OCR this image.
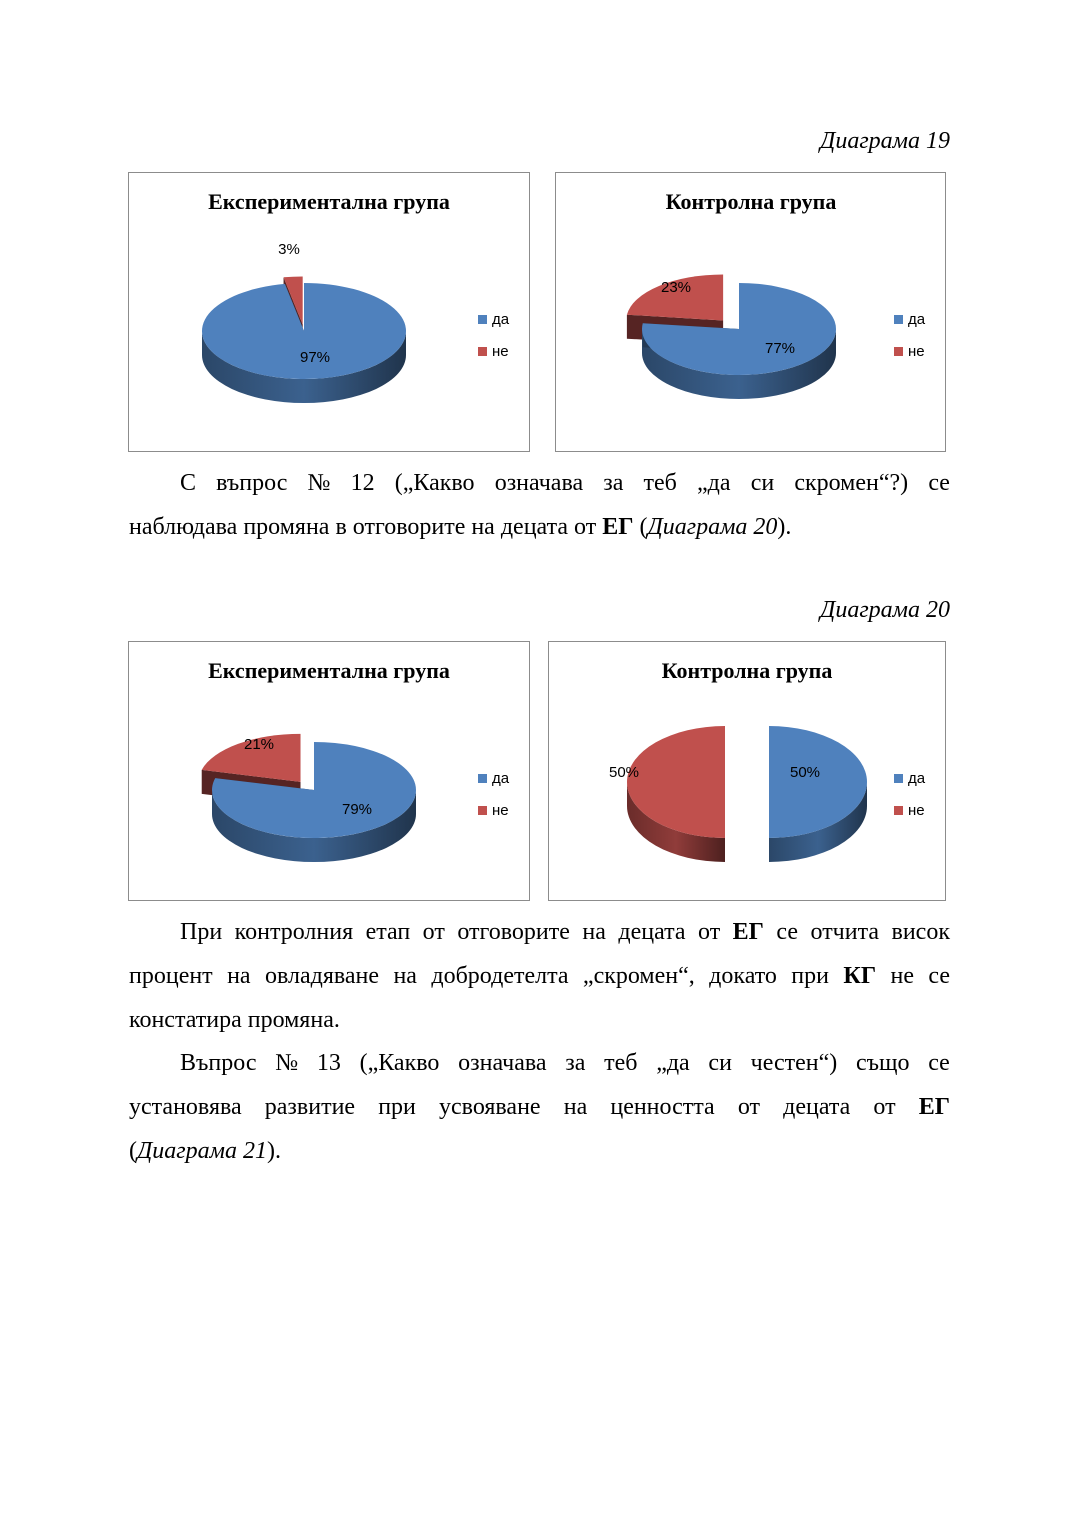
Диаграма 19
Експериментална група
97%
3%
да
не
Контролна група
77%
23%
да
не
С въпрос № 12 („Какво означава за теб „да си скромен“?) се
наблюдава промяна в отговорите на децата от ЕГ (Диаграма 20).
Диаграма 20
Експериментална група
79%
21%
да
не
Контролна група
50%
50%	да
не
При контролния етап от отговорите на децата от ЕГ се отчита висок
процент на овладяване на добродетелта „скромен“, докато при КГ не се
констатира промяна.
Въпрос № 13 („Какво означава за теб „да си честен“) също се
установява развитие при усвояване на ценността от децата от ЕГ
(Диаграма 21).
